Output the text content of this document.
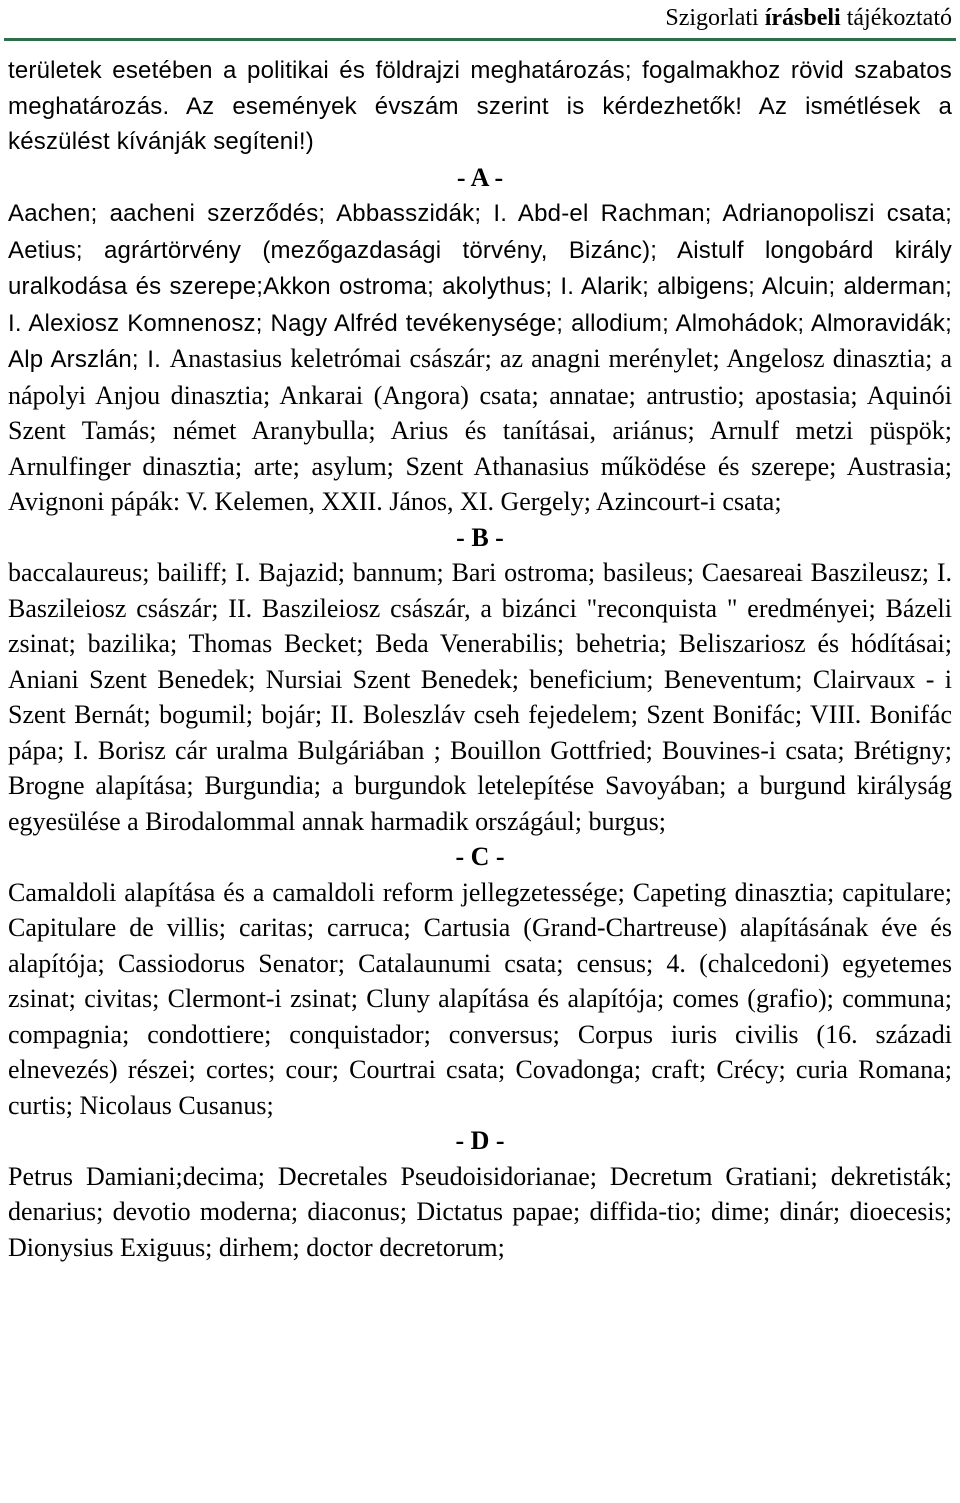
Szigorlati írásbeli tájékoztató

területek esetében a politikai és földrajzi meghatározás; fogalmakhoz rövid szabatos meghatározás. Az események évszám szerint is kérdezhetők! Az ismétlések a készülést kívánják segíteni!)

- A -

Aachen; aacheni szerződés; Abbasszidák; I. Abd-el Rachman; Adrianopoliszi csata; Aetius; agrártörvény (mezőgazdasági törvény, Bizánc); Aistulf longobárd király uralkodása és szerepe;Akkon ostroma; akolythus; I. Alarik; albigens; Alcuin; alderman; I. Alexiosz Komnenosz; Nagy Alfréd tevékenysége; allodium; Almohádok; Almoravidák; Alp Arszlán; I. Anastasius keletrómai császár; az anagni merénylet; Angelosz dinasztia; a nápolyi Anjou dinasztia; Ankarai (Angora) csata; annatae; antrustio; apostasia; Aquinói Szent Tamás; német Aranybulla; Arius és tanításai, ariánus; Arnulf metzi püspök; Arnulfinger dinasztia; arte; asylum; Szent Athanasius működése és szerepe; Austrasia; Avignoni pápák: V. Kelemen, XXII. János, XI. Gergely; Azincourt-i csata;

- B -

baccalaureus; bailiff; I. Bajazid; bannum; Bari ostroma; basileus; Caesareai Baszileusz; I. Baszileiosz császár; II. Baszileiosz császár, a bizánci "reconquista " eredményei; Bázeli zsinat; bazilika; Thomas Becket; Beda Venerabilis; behetria; Beliszariosz és hódításai; Aniani Szent Benedek; Nursiai Szent Benedek; beneficium; Beneventum; Clairvaux - i Szent Bernát; bogumil; bojár; II. Boleszláv cseh fejedelem; Szent Bonifác; VIII. Bonifác pápa; I. Borisz cár uralma Bulgáriában ; Bouillon Gottfried; Bouvines-i csata; Brétigny; Brogne alapítása; Burgundia; a burgundok letelepítése Savoyában; a burgund királyság egyesülése a Birodalommal annak harmadik országául; burgus;

- C -

Camaldoli alapítása és a camaldoli reform jellegzetessége; Capeting dinasztia; capitulare; Capitulare de villis; caritas; carruca; Cartusia (Grand-Chartreuse) alapításának éve és alapítója; Cassiodorus Senator; Catalaunumi csata; census; 4. (chalcedoni) egyetemes zsinat; civitas; Clermont-i zsinat; Cluny alapítása és alapítója; comes (grafio); communa; compagnia; condottiere; conquistador; conversus; Corpus iuris civilis (16. századi elnevezés) részei; cortes; cour; Courtrai csata; Covadonga; craft; Crécy; curia Romana; curtis; Nicolaus Cusanus;

- D -

Petrus Damiani;decima; Decretales Pseudoisidorianae; Decretum Gratiani; dekretisták; denarius; devotio moderna; diaconus; Dictatus papae; diffida-tio; dime; dinár; dioecesis; Dionysius Exiguus; dirhem; doctor decretorum;
